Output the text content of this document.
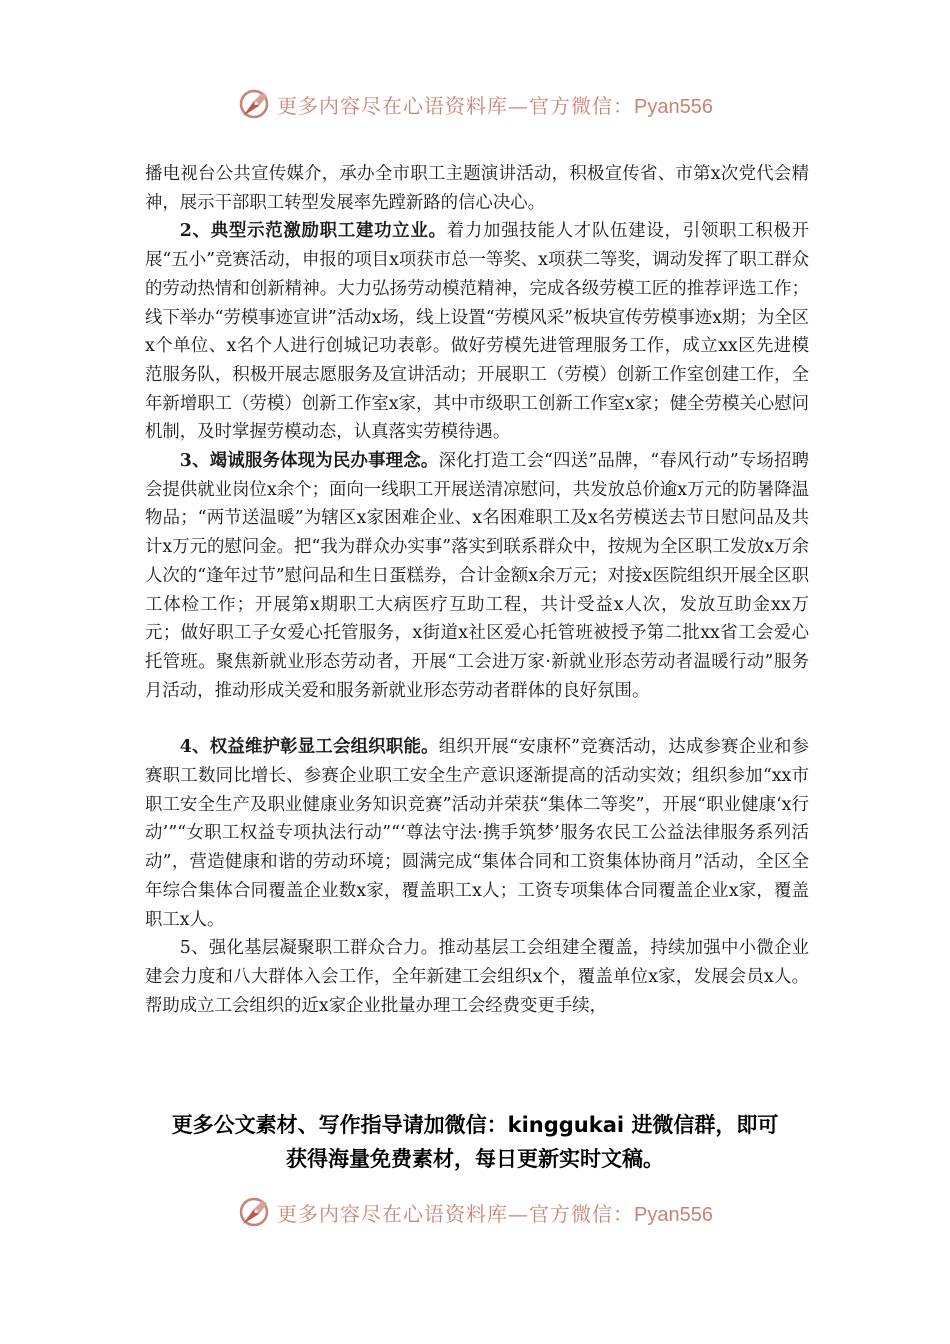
更多内容尽在心语资料库—官方微信：Pyan556

播电视台公共宣传媒介，承办全市职工主题演讲活动，积极宣传省、市第x次党代会精神，展示干部职工转型发展率先蹚新路的信心决心。

2、典型示范激励职工建功立业。着力加强技能人才队伍建设，引领职工积极开展“五小”竞赛活动，申报的项目x项获市总一等奖、x项获二等奖，调动发挥了职工群众的劳动热情和创新精神。大力弘扬劳动模范精神，完成各级劳模工匠的推荐评选工作；线下举办“劳模事迹宣讲”活动x场，线上设置“劳模风采”板块宣传劳模事迹x期；为全区x个单位、x名个人进行创城记功表彰。做好劳模先进管理服务工作，成立xx区先进模范服务队，积极开展志愿服务及宣讲活动；开展职工（劳模）创新工作室创建工作，全年新增职工（劳模）创新工作室x家，其中市级职工创新工作室x家；健全劳模关心慰问机制，及时掌握劳模动态，认真落实劳模待遇。

3、竭诚服务体现为民办事理念。深化打造工会“四送”品牌，“春风行动”专场招聘会提供就业岗位x余个；面向一线职工开展送清凉慰问，共发放总价逾x万元的防暑降温物品；“两节送温暖”为辖区x家困难企业、x名困难职工及x名劳模送去节日慰问品及共计x万元的慰问金。把“我为群众办实事”落实到联系群众中，按规为全区职工发放x万余人次的“逢年过节”慰问品和生日蛋糕券，合计金额x余万元；对接x医院组织开展全区职工体检工作；开展第x期职工大病医疗互助工程，共计受益x人次，发放互助金xx万元；做好职工子女爱心托管服务，x街道x社区爱心托管班被授予第二批xx省工会爱心托管班。聚焦新就业形态劳动者，开展“工会进万家·新就业形态劳动者温暖行动”服务月活动，推动形成关爱和服务新就业形态劳动者群体的良好氛围。

4、权益维护彰显工会组织职能。组织开展“安康杯”竞赛活动，达成参赛企业和参赛职工数同比增长、参赛企业职工安全生产意识逐渐提高的活动实效；组织参加“xx市职工安全生产及职业健康业务知识竞赛”活动并荣获“集体二等奖”，开展“职业健康‘x行动’”“女职工权益专项执法行动”“‘尊法守法·携手筑梦’服务农民工公益法律服务系列活动”，营造健康和谐的劳动环境；圆满完成“集体合同和工资集体协商月”活动，全区全年综合集体合同覆盖企业数x家，覆盖职工x人；工资专项集体合同覆盖企业x家，覆盖职工x人。

5、强化基层凝聚职工群众合力。推动基层工会组建全覆盖，持续加强中小微企业建会力度和八大群体入会工作，全年新建工会组织x个，覆盖单位x家，发展会员x人。帮助成立工会组织的近x家企业批量办理工会经费变更手续，

更多公文素材、写作指导请加微信：kinggukai 进微信群，即可
获得海量免费素材，每日更新实时文稿。
更多内容尽在心语资料库—官方微信：Pyan556
